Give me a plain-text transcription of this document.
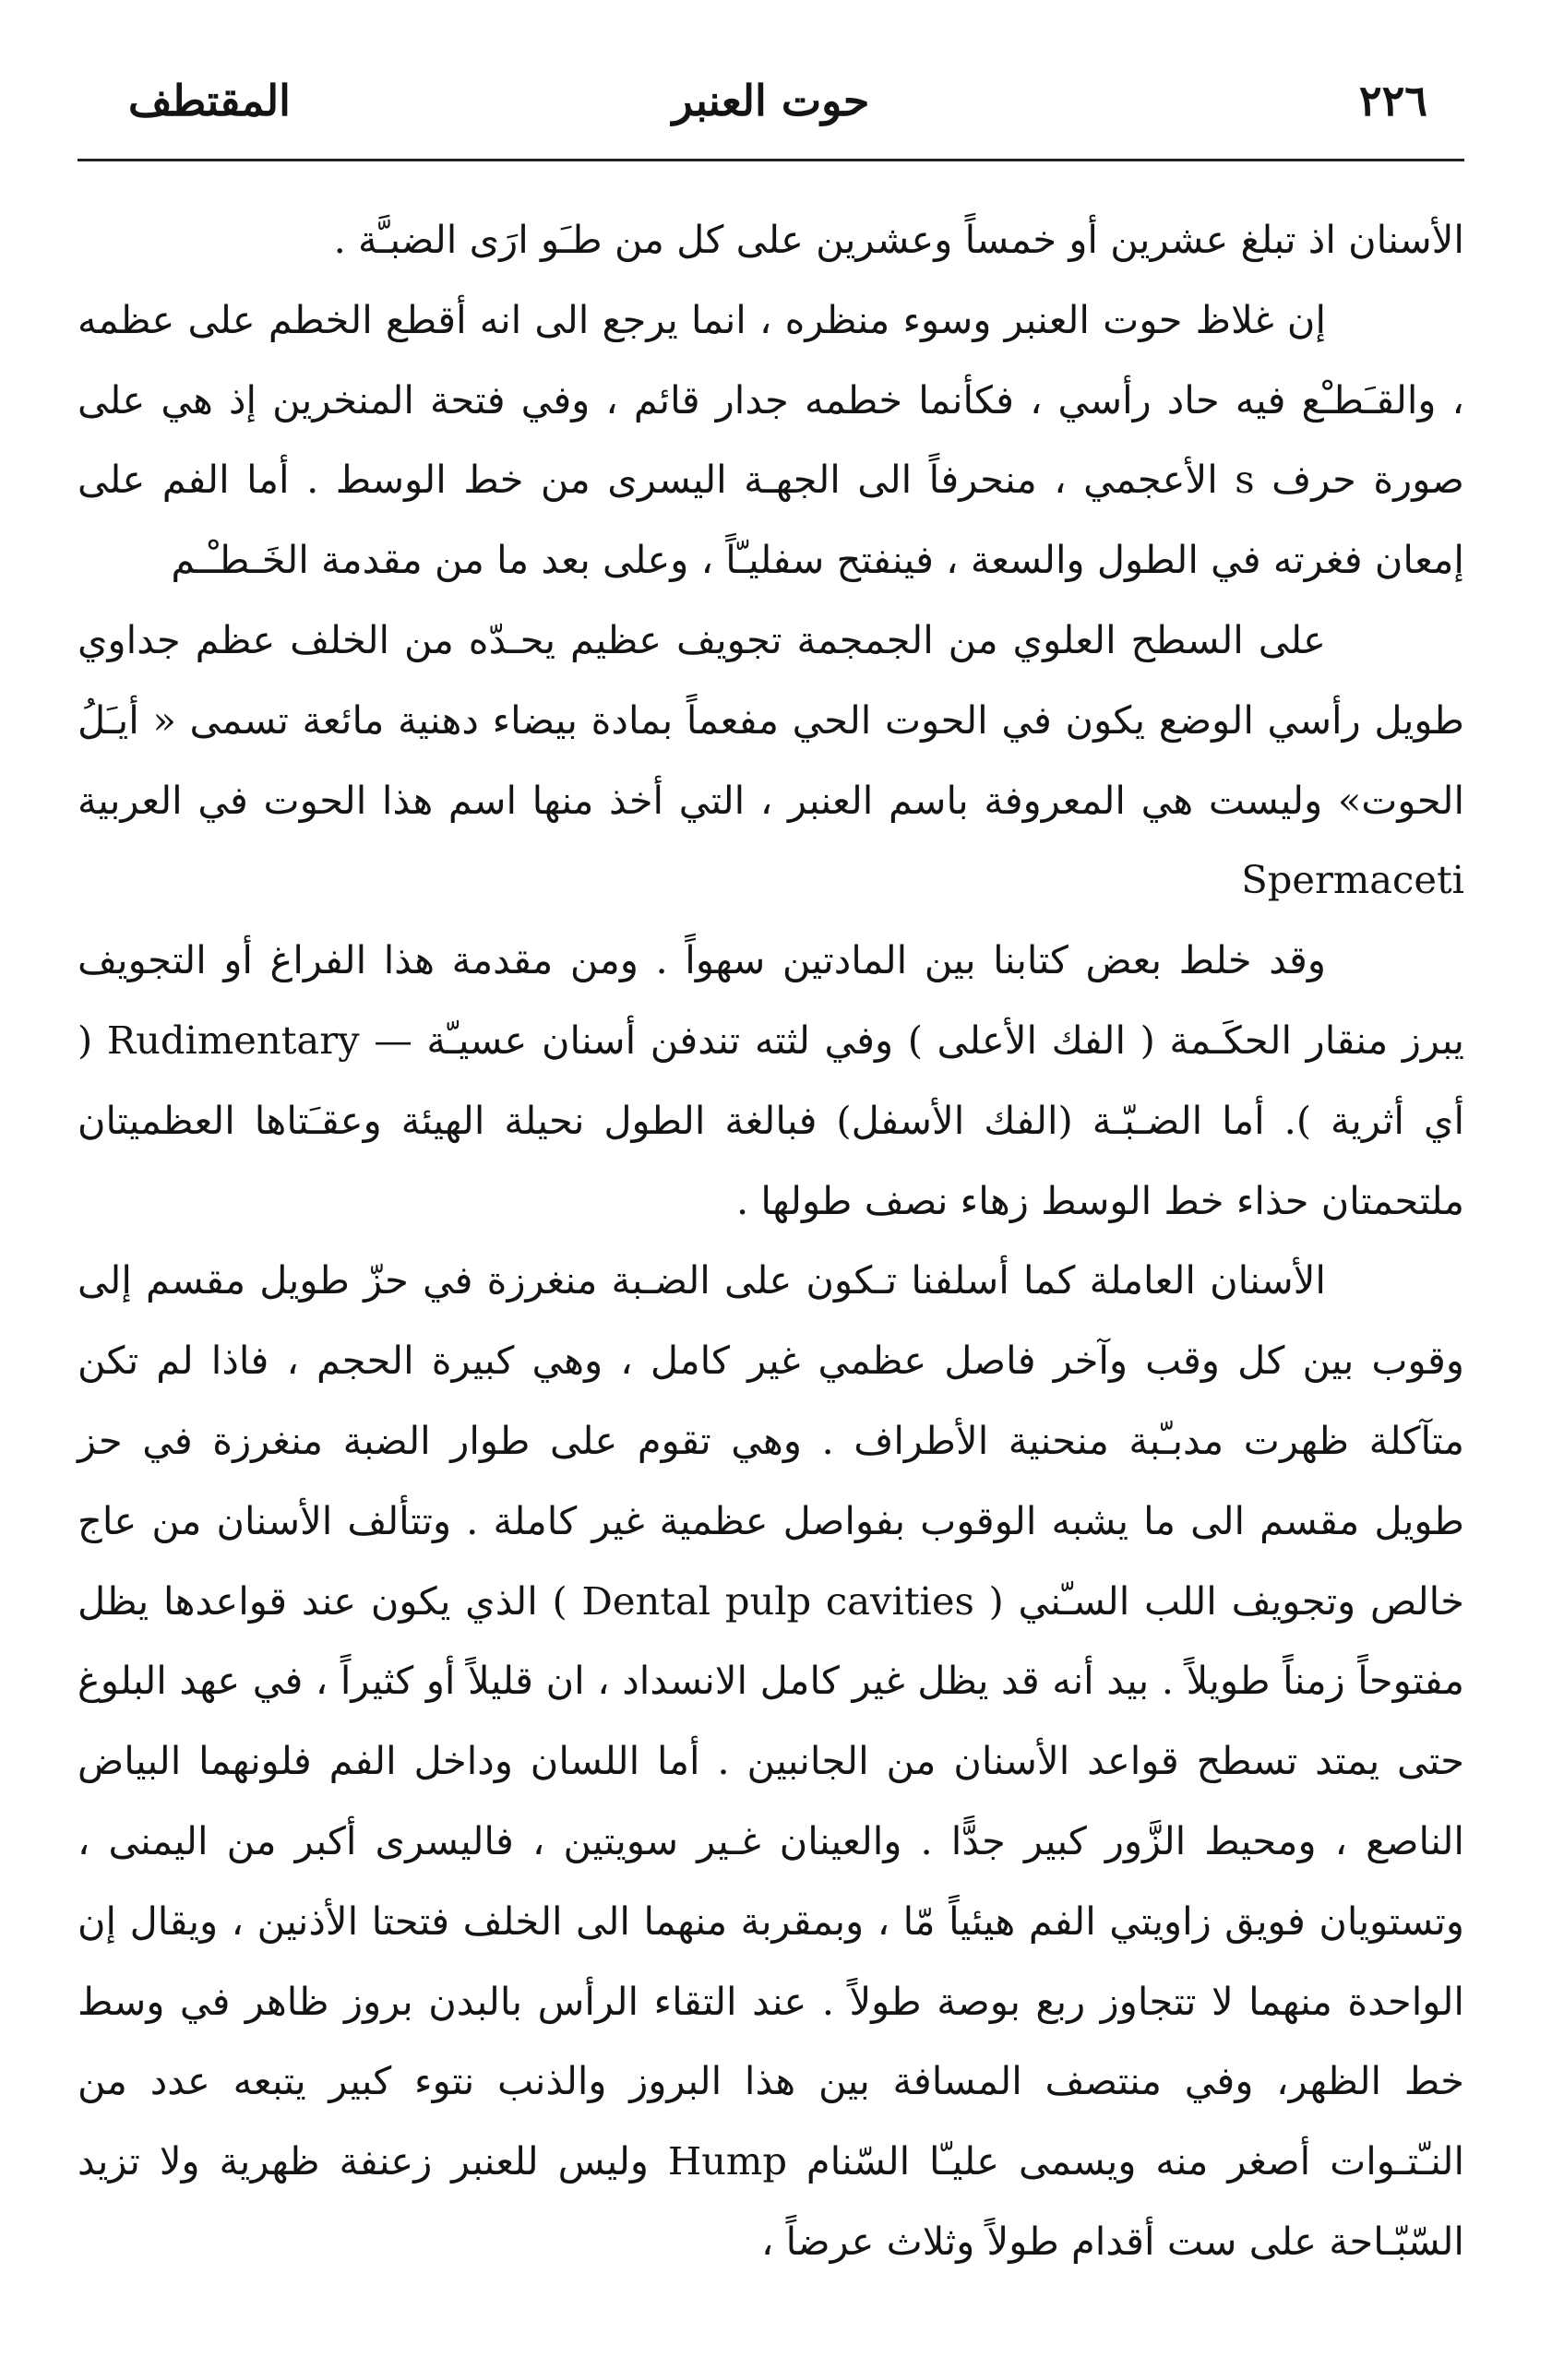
٢٢٦
حوت العنبر
المقتطف

الأسنان اذ تبلغ عشرين أو خمساً وعشرين على كل من طـَو ارَى الضبـَّة .

إن غلاظ حوت العنبر وسوء منظره ، انما يرجع الى انه أقطع الخطم على عظمه ، والقـَطـْع فيه حاد رأسي ، فكأنما خطمه جدار قائم ، وفي فتحة المنخرين إذ هي على صورة حرف s الأعجمي ، منحرفاً الى الجهـة اليسرى من خط الوسط . أما الفم على إمعان فغرته في الطول والسعة ، فينفتح سفليـّاً ، وعلى بعد ما من مقدمة الخَـطـْـم

على السطح العلوي من الجمجمة تجويف عظيم يحـدّه من الخلف عظم جداوي طويل رأسي الوضع يكون في الحوت الحي مفعماً بمادة بيضاء دهنية مائعة تسمى « أيـَلُ الحوت» وليست هي المعروفة باسم العنبر ، التي أخذ منها اسم هذا الحوت في العربية Spermaceti

وقد خلط بعض كتابنا بين المادتين سهواً . ومن مقدمة هذا الفراغ أو التجويف يبرز منقار الحكَـمة ( الفك الأعلى ) وفي لثته تندفن أسنان عسيـّة — Rudimentary ( أي أثرية ). أما الضـبّـة (الفك الأسفل) فبالغة الطول نحيلة الهيئة وعقـَتاها العظميتان ملتحمتان حذاء خط الوسط زهاء نصف طولها .

الأسنان العاملة كما أسلفنا تـكون على الضـبة منغرزة في حزّ طويل مقسم إلى وقوب بين كل وقب وآخر فاصل عظمي غير كامل ، وهي كبيرة الحجم ، فاذا لم تكن متآكلة ظهرت مدبـّبة منحنية الأطراف . وهي تقوم على طوار الضبة منغرزة في حز طويل مقسم الى ما يشبه الوقوب بفواصل عظمية غير كاملة . وتتألف الأسنان من عاج خالص وتجويف اللب السـّني ( Dental pulp cavities ) الذي يكون عند قواعدها يظل مفتوحاً زمناً طويلاً . بيد أنه قد يظل غير كامل الانسداد ، ان قليلاً أو كثيراً ، في عهد البلوغ حتى يمتد تسطح قواعد الأسنان من الجانبين . أما اللسان وداخل الفم فلونهما البياض الناصع ، ومحيط الزَّور كبير جدًّا . والعينان غـير سويتين ، فاليسرى أكبر من اليمنى ، وتستويان فويق زاويتي الفم هيئياً مّا ، وبمقربة منهما الى الخلف فتحتا الأذنين ، ويقال إن الواحدة منهما لا تتجاوز ربع بوصة طولاً . عند التقاء الرأس بالبدن بروز ظاهر في وسط خط الظهر، وفي منتصف المسافة بين هذا البروز والذنب نتوء كبير يتبعه عدد من النـّتـوات أصغر منه ويسمى عليـّا السّنام Hump وليس للعنبر زعنفة ظهرية ولا تزيد السّبّـاحة على ست أقدام طولاً وثلاث عرضاً ،
